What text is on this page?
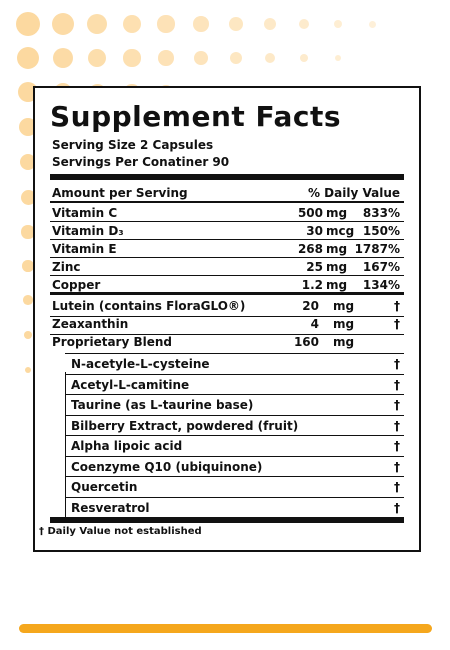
Supplement Facts
Serving Size 2 Capsules
Servings Per Conatiner 90
Amount per Serving	% Daily Value
Vitamin C	500 mg 833%
Vitamin D₃	30 mcg 150%
Vitamin E	268 mg 1787%
Zinc	25 mg 167%
Copper	1.2 mg 134%
Lutein (contains FloraGLO®)	20 mg	†
Zeaxanthin	4 mg	†
Proprietary Blend	160 mg
N-acetyle-L-cysteine	†
Acetyl-L-camitine	†
Taurine (as L-taurine base)	†
Bilberry Extract, powdered (fruit)	†
Alpha lipoic acid	†
Coenzyme Q10 (ubiquinone)	†
Quercetin	†
Resveratrol	†
† Daily Value not established
